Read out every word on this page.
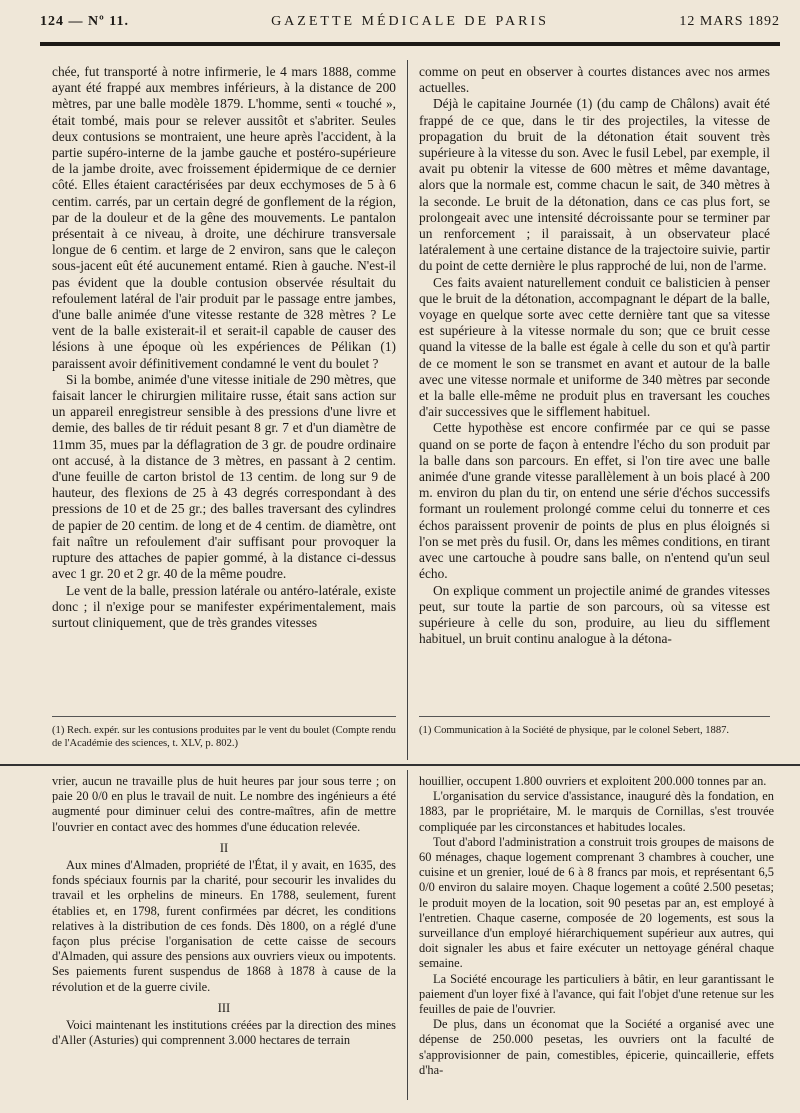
124 — Nº 11.	GAZETTE MÉDICALE DE PARIS	12 MARS 1892

chée, fut transporté à notre infirmerie, le 4 mars 1888, comme ayant été frappé aux membres inférieurs, à la distance de 200 mètres, par une balle modèle 1879. L'homme, senti « touché », était tombé, mais pour se relever aussitôt et s'abriter. Seules deux contusions se montraient, une heure après l'accident, à la partie supéro-interne de la jambe gauche et postéro-supérieure de la jambe droite, avec froissement épidermique de ce dernier côté. Elles étaient caractérisées par deux ecchymoses de 5 à 6 centim. carrés, par un certain degré de gonflement de la région, par de la douleur et de la gêne des mouvements. Le pantalon présentait à ce niveau, à droite, une déchirure transversale longue de 6 centim. et large de 2 environ, sans que le caleçon sous-jacent eût été aucunement entamé. Rien à gauche. N'est-il pas évident que la double contusion observée résultait du refoulement latéral de l'air produit par le passage entre jambes, d'une balle animée d'une vitesse restante de 328 mètres ? Le vent de la balle existerait-il et serait-il capable de causer des lésions à une époque où les expériences de Pélikan (1) paraissent avoir définitivement condamné le vent du boulet ?

Si la bombe, animée d'une vitesse initiale de 290 mètres, que faisait lancer le chirurgien militaire russe, était sans action sur un appareil enregistreur sensible à des pressions d'une livre et demie, des balles de tir réduit pesant 8 gr. 7 et d'un diamètre de 11mm 35, mues par la déflagration de 3 gr. de poudre ordinaire ont accusé, à la distance de 3 mètres, en passant à 2 centim. d'une feuille de carton bristol de 13 centim. de long sur 9 de hauteur, des flexions de 25 à 43 degrés correspondant à des pressions de 10 et de 25 gr.; des balles traversant des cylindres de papier de 20 centim. de long et de 4 centim. de diamètre, ont fait naître un refoulement d'air suffisant pour provoquer la rupture des attaches de papier gommé, à la distance ci-dessus avec 1 gr. 20 et 2 gr. 40 de la même poudre.

Le vent de la balle, pression latérale ou antéro-latérale, existe donc ; il n'exige pour se manifester expérimentalement, mais surtout cliniquement, que de très grandes vitesses

comme on peut en observer à courtes distances avec nos armes actuelles.

Déjà le capitaine Journée (1) (du camp de Châlons) avait été frappé de ce que, dans le tir des projectiles, la vitesse de propagation du bruit de la détonation était souvent très supérieure à la vitesse du son. Avec le fusil Lebel, par exemple, il avait pu obtenir la vitesse de 600 mètres et même davantage, alors que la normale est, comme chacun le sait, de 340 mètres à la seconde. Le bruit de la détonation, dans ce cas plus fort, se prolongeait avec une intensité décroissante pour se terminer par un renforcement ; il paraissait, à un observateur placé latéralement à une certaine distance de la trajectoire suivie, partir du point de cette dernière le plus rapproché de lui, non de l'arme.

Ces faits avaient naturellement conduit ce balisticien à penser que le bruit de la détonation, accompagnant le départ de la balle, voyage en quelque sorte avec cette dernière tant que sa vitesse est supérieure à la vitesse normale du son; que ce bruit cesse quand la vitesse de la balle est égale à celle du son et qu'à partir de ce moment le son se transmet en avant et autour de la balle avec une vitesse normale et uniforme de 340 mètres par seconde et la balle elle-même ne produit plus en traversant les couches d'air successives que le sifflement habituel.

Cette hypothèse est encore confirmée par ce qui se passe quand on se porte de façon à entendre l'écho du son produit par la balle dans son parcours. En effet, si l'on tire avec une balle animée d'une grande vitesse parallèlement à un bois placé à 200 m. environ du plan du tir, on entend une série d'échos successifs formant un roulement prolongé comme celui du tonnerre et ces échos paraissent provenir de points de plus en plus éloignés si l'on se met près du fusil. Or, dans les mêmes conditions, en tirant avec une cartouche à poudre sans balle, on n'entend qu'un seul écho.

On explique comment un projectile animé de grandes vitesses peut, sur toute la partie de son parcours, où sa vitesse est supérieure à celle du son, produire, au lieu du sifflement habituel, un bruit continu analogue à la détona-

(1) Rech. expér. sur les contusions produites par le vent du boulet (Compte rendu de l'Académie des sciences, t. XLV, p. 802.)
(1) Communication à la Société de physique, par le colonel Sebert, 1887.

vrier, aucun ne travaille plus de huit heures par jour sous terre ; on paie 20 0/0 en plus le travail de nuit. Le nombre des ingénieurs a été augmenté pour diminuer celui des contre-maîtres, afin de mettre l'ouvrier en contact avec des hommes d'une éducation relevée.

II

Aux mines d'Almaden, propriété de l'État, il y avait, en 1635, des fonds spéciaux fournis par la charité, pour secourir les invalides du travail et les orphelins de mineurs. En 1788, seulement, furent établies et, en 1798, furent confirmées par décret, les conditions relatives à la distribution de ces fonds. Dès 1800, on a réglé d'une façon plus précise l'organisation de cette caisse de secours d'Almaden, qui assure des pensions aux ouvriers vieux ou impotents. Ses paiements furent suspendus de 1868 à 1878 à cause de la révolution et de la guerre civile.

III

Voici maintenant les institutions créées par la direction des mines d'Aller (Asturies) qui comprennent 3.000 hectares de terrain

houillier, occupent 1.800 ouvriers et exploitent 200.000 tonnes par an.

L'organisation du service d'assistance, inauguré dès la fondation, en 1883, par le propriétaire, M. le marquis de Cornillas, s'est trouvée compliquée par les circonstances et habitudes locales.

Tout d'abord l'administration a construit trois groupes de maisons de 60 ménages, chaque logement comprenant 3 chambres à coucher, une cuisine et un grenier, loué de 6 à 8 francs par mois, et représentant 6,5 0/0 environ du salaire moyen. Chaque logement a coûté 2.500 pesetas; le produit moyen de la location, soit 90 pesetas par an, est employé à l'entretien. Chaque caserne, composée de 20 logements, est sous la surveillance d'un employé hiérarchiquement supérieur aux autres, qui doit signaler les abus et faire exécuter un nettoyage général chaque semaine.

La Société encourage les particuliers à bâtir, en leur garantissant le paiement d'un loyer fixé à l'avance, qui fait l'objet d'une retenue sur les feuilles de paie de l'ouvrier.

De plus, dans un économat que la Société a organisé avec une dépense de 250.000 pesetas, les ouvriers ont la faculté de s'approvisionner de pain, comestibles, épicerie, quincaillerie, effets d'ha-
